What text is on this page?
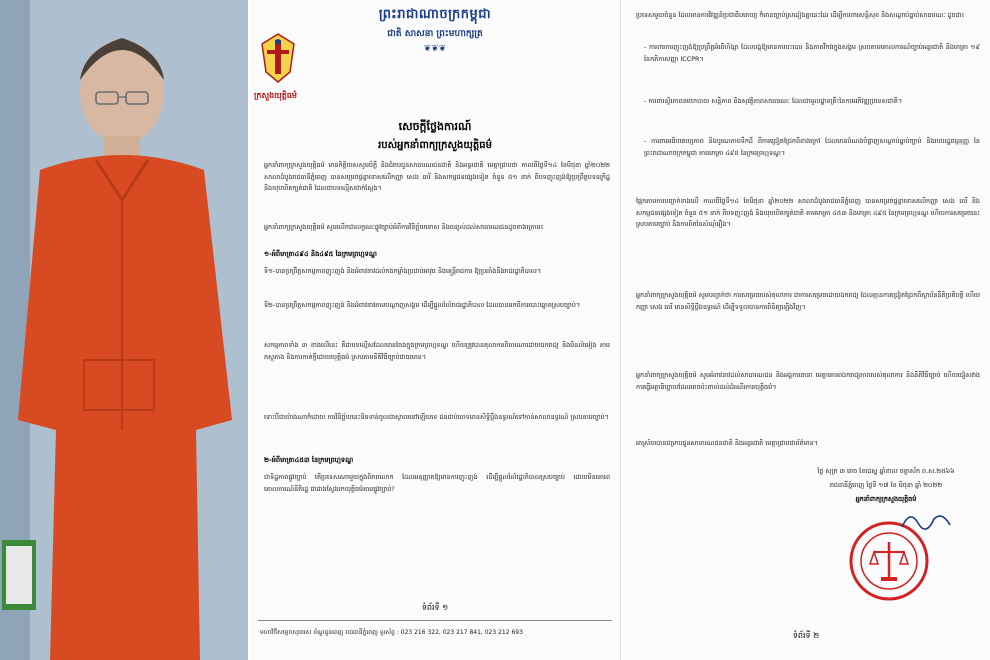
ព្រះរាជាណាចក្រកម្ពុជា
ជាតិ សាសនា ព្រះមហាក្សត្រ
❦❦❦
ក្រសួងយុត្តិធម៌
សេចក្តីថ្លែងការណ៍
របស់អ្នកនាំពាក្យក្រសួងយុត្តិធម៌
អ្នកនាំពាក្យក្រសួងយុត្តិធម៌ មានកិត្តិយសសូមបំភ្លឺ និងជំរាបជូនសាធារណជនជាតិ និងអន្តរជាតិ មេត្តាជ្រាបថា កាលពីថ្ងៃទី១៤ ខែមិថុនា ឆ្នាំ២០២២ សាលាដំបូងរាជធានីភ្នំពេញ បានសម្រេចផ្តន្ទាទោសលើកញ្ញា សេង ធារី និងសកម្មជនផ្សេងទៀត ចំនួន ៥១ នាក់ ពីបទញុះញង់ឱ្យប្រព្រឹត្តបទឧក្រិដ្ឋ និងឃុបឃិតក្បត់ជាតិ ដែលជាបទល្មើសជាក់ស្តែង។
អ្នកនាំពាក្យក្រសួងយុត្តិធម៌ សូមលើកជាលក្ខណៈផ្លូវច្បាប់អំពីការវិនិច្ឆ័យទោស និងពន្យល់ដល់សាធារណជនដូចខាងក្រោម៖
១-អំពីមាត្រា៤៩៤ និង៤៩៥ នៃក្រមព្រហ្មទណ្ឌ
ទី១-បានប្រព្រឹត្តសកម្មភាពញុះញង់ និងអំពាវនាវដល់កងកម្លាំងប្រដាប់អាវុធ និងមន្ត្រីរាជការ ឱ្យប្រឆាំងនឹងរាជរដ្ឋាភិបាល។
ទី២-បានប្រព្រឹត្តសកម្មភាពញុះញង់ និងអំពាវនាវតាមបណ្តាញសង្គម ដើម្បីផ្តួលរំលំរាជរដ្ឋាភិបាល ដែលបានមកពីការបោះឆ្នោតស្របច្បាប់។
សកម្មភាពទាំង ៣ ខាងលើនេះ គឺជាបទល្មើសដែលមានចែងក្នុងក្រមព្រហ្មទណ្ឌ ហើយត្រូវបានតុលាការពិចារណាដោយឯករាជ្យ និងមិនលំអៀង តាមភស្តុតាង និងការកាត់ក្តីដោយយុត្តិធម៌ ស្របតាមនីតិវិធីច្បាប់ជាធរមាន។
ទោះបីជាយ៉ាងណាក៏ដោយ ការវិនិច្ឆ័យនេះមិនទាន់ចូលជាស្ថាពរនៅឡើយទេ ជនជាប់ចោទមានសិទ្ធិប្តឹងឧទ្ធរណ៍ទៅកាន់សាលាឧទ្ធរណ៍ ស្របតាមច្បាប់។
២-អំពីមាត្រា៤៥៣ នៃក្រមព្រហ្មទណ្ឌ
ជាទិដ្ឋភាពផ្លូវច្បាប់ តើប្រទេសណាមួយក្នុងពិភពលោក ដែលអនុញ្ញាតឱ្យមានការញុះញង់ ដើម្បីផ្តួលរំលំរដ្ឋាភិបាលស្របច្បាប់ ដោយមិនគោរពគោលការណ៍នីតិរដ្ឋ ជាជាងស្វែងរកយុត្តិធម៌តាមផ្លូវច្បាប់?
ទំព័រទី ១
មហាវិថីសម្តេចសុធារស ខ័ណ្ឌដូនពេញ រាជធានីភ្នំពេញ ទូរស័ព្ទ : 023 216 322, 023 217 841, 023 212 693
ប្រទេសមួយចំនួន ដែលមានការវិវឌ្ឍន៍ប្រជាធិបតេយ្យ ក៏មានច្បាប់ស្រដៀងគ្នានេះដែរ ដើម្បីការពារសន្តិសុខ និងសណ្តាប់ធ្នាប់សាធារណៈ ដូចជា៖
- ការពារការញុះញង់ឱ្យប្រព្រឹត្តអំពើហិង្សា ដែលបង្កឱ្យមានការបះបោរ និងភាពវឹកវរក្នុងសង្គម ស្របតាមគោលការណ៍ច្បាប់អន្តរជាតិ និងមាត្រា ១៩ នៃកតិកាសញ្ញា ICCPR។
- ការពារស្ថិរភាពនយោបាយ សន្តិភាព និងសុវត្ថិភាពសាធារណៈ ដែលជាមូលដ្ឋានគ្រឹះនៃការអភិវឌ្ឍប្រទេសជាតិ។
- ការពារអធិបតេយ្យភាព និងបូរណភាពទឹកដី ពីការជ្រៀតជ្រែកពីខាងក្រៅ ដែលមានបំណងបំផ្លាញសណ្តាប់ធ្នាប់ច្បាប់ និងរបបរដ្ឋធម្មនុញ្ញ នៃព្រះរាជាណាចក្រកម្ពុជា តាមមាត្រា ៤៩៥ នៃក្រមព្រហ្មទណ្ឌ។
ផ្អែកតាមការបញ្ជាក់ខាងលើ កាលពីថ្ងៃទី១៤ ខែមិថុនា ឆ្នាំ២០២២ សាលាដំបូងរាជធានីភ្នំពេញ បានសម្រេចផ្តន្ទាទោសលើកញ្ញា សេង ធារី និងសកម្មជនផ្សេងទៀត ចំនួន ៥១ នាក់ ពីបទញុះញង់ និងឃុបឃិតក្បត់ជាតិ តាមមាត្រា ៤៥៣ និងមាត្រា ៤៩៥ នៃក្រមព្រហ្មទណ្ឌ ហើយការសម្រេចនេះស្របតាមច្បាប់ និងការពិតនៃសំណុំរឿង។
អ្នកនាំពាក្យក្រសួងយុត្តិធម៌ សូមបញ្ជាក់ថា ការសម្រេចរបស់តុលាការ ជាការសម្រេចដោយឯករាជ្យ ដែលគ្មានការជ្រៀតជ្រែកពីស្ថាប័ននីតិប្រតិបត្តិ ហើយកញ្ញា សេង ធារី មានសិទ្ធិប្តឹងឧទ្ធរណ៍ ដើម្បីទទួលបានការពិនិត្យឡើងវិញ។
អ្នកនាំពាក្យក្រសួងយុត្តិធម៌ សូមអំពាវនាវដល់សាធារណជន និងអង្គការនានា មេត្តាគោរពឯករាជ្យភាពរបស់តុលាការ និងនីតិវិធីច្បាប់ ហើយជៀសវាងការធ្វើអត្ថាធិប្បាយដែលអាចប៉ះពាល់ដល់ដំណើរការយុត្តិធម៌។
អាស្រ័យបានជម្រាបជូនសាធារណជនជាតិ និងអន្តរជាតិ មេត្តាជ្រាបជាព័ត៌មាន។
ថ្ងៃ សុក្រ ៣ រោច ខែជេស្ឋ ឆ្នាំខាល ចត្វាស័ក ព.ស.២៥៦៦
រាជធានីភ្នំពេញ ថ្ងៃទី ១៧ ខែ មិថុនា ឆ្នាំ ២០២២
អ្នកនាំពាក្យក្រសួងយុត្តិធម៌
ទំព័រទី ២
